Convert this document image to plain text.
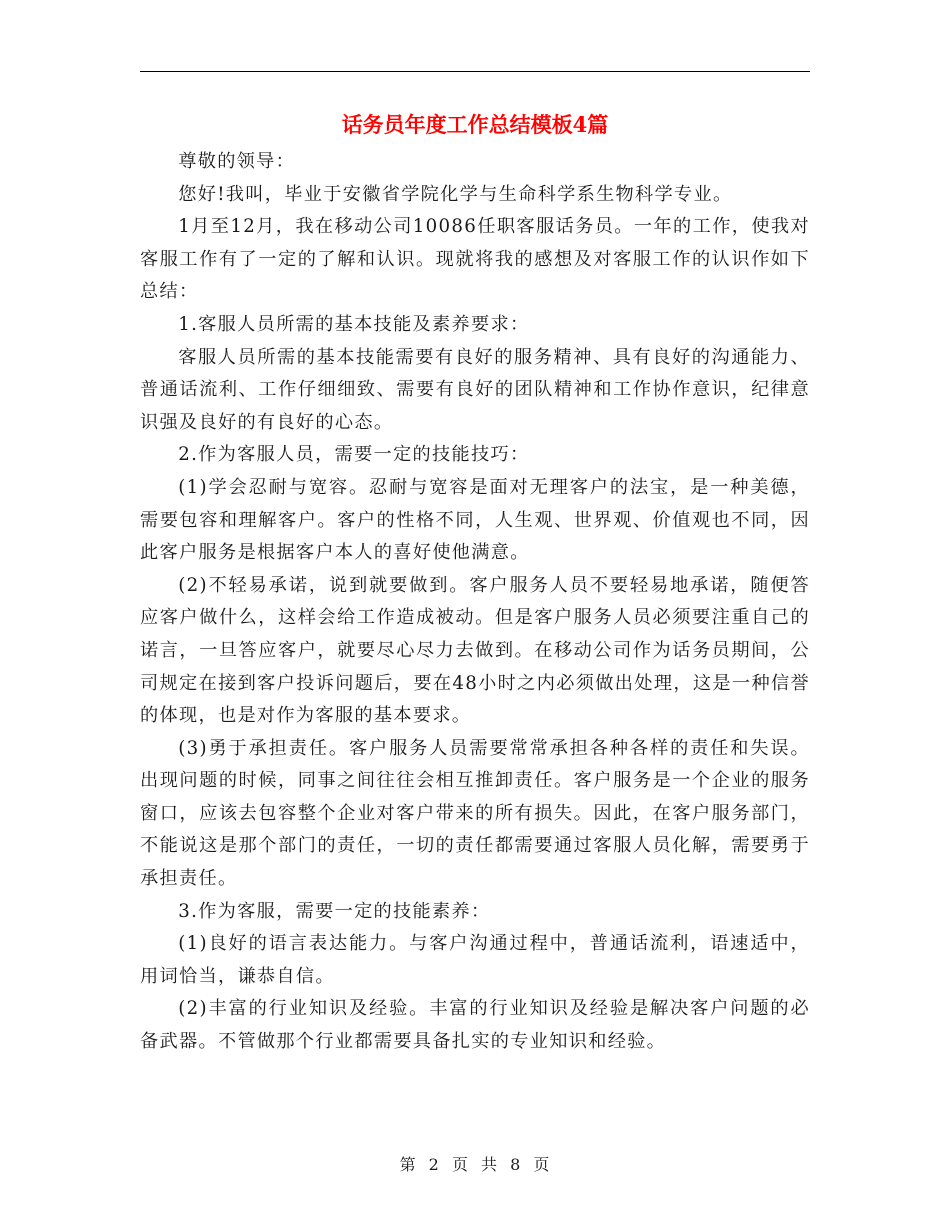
话务员年度工作总结模板4篇

尊敬的领导：

您好!我叫，毕业于安徽省学院化学与生命科学系生物科学专业。

1月至12月，我在移动公司10086任职客服话务员。一年的工作，使我对客服工作有了一定的了解和认识。现就将我的感想及对客服工作的认识作如下总结：

1.客服人员所需的基本技能及素养要求：

客服人员所需的基本技能需要有良好的服务精神、具有良好的沟通能力、普通话流利、工作仔细细致、需要有良好的团队精神和工作协作意识，纪律意识强及良好的有良好的心态。

2.作为客服人员，需要一定的技能技巧：

(1)学会忍耐与宽容。忍耐与宽容是面对无理客户的法宝，是一种美德，需要包容和理解客户。客户的性格不同，人生观、世界观、价值观也不同，因此客户服务是根据客户本人的喜好使他满意。

(2)不轻易承诺，说到就要做到。客户服务人员不要轻易地承诺，随便答应客户做什么，这样会给工作造成被动。但是客户服务人员必须要注重自己的诺言，一旦答应客户，就要尽心尽力去做到。在移动公司作为话务员期间，公司规定在接到客户投诉问题后，要在48小时之内必须做出处理，这是一种信誉的体现，也是对作为客服的基本要求。

(3)勇于承担责任。客户服务人员需要常常承担各种各样的责任和失误。出现问题的时候，同事之间往往会相互推卸责任。客户服务是一个企业的服务窗口，应该去包容整个企业对客户带来的所有损失。因此，在客户服务部门，不能说这是那个部门的责任，一切的责任都需要通过客服人员化解，需要勇于承担责任。

3.作为客服，需要一定的技能素养：

(1)良好的语言表达能力。与客户沟通过程中，普通话流利，语速适中，用词恰当，谦恭自信。

(2)丰富的行业知识及经验。丰富的行业知识及经验是解决客户问题的必备武器。不管做那个行业都需要具备扎实的专业知识和经验。

第 2 页 共 8 页
